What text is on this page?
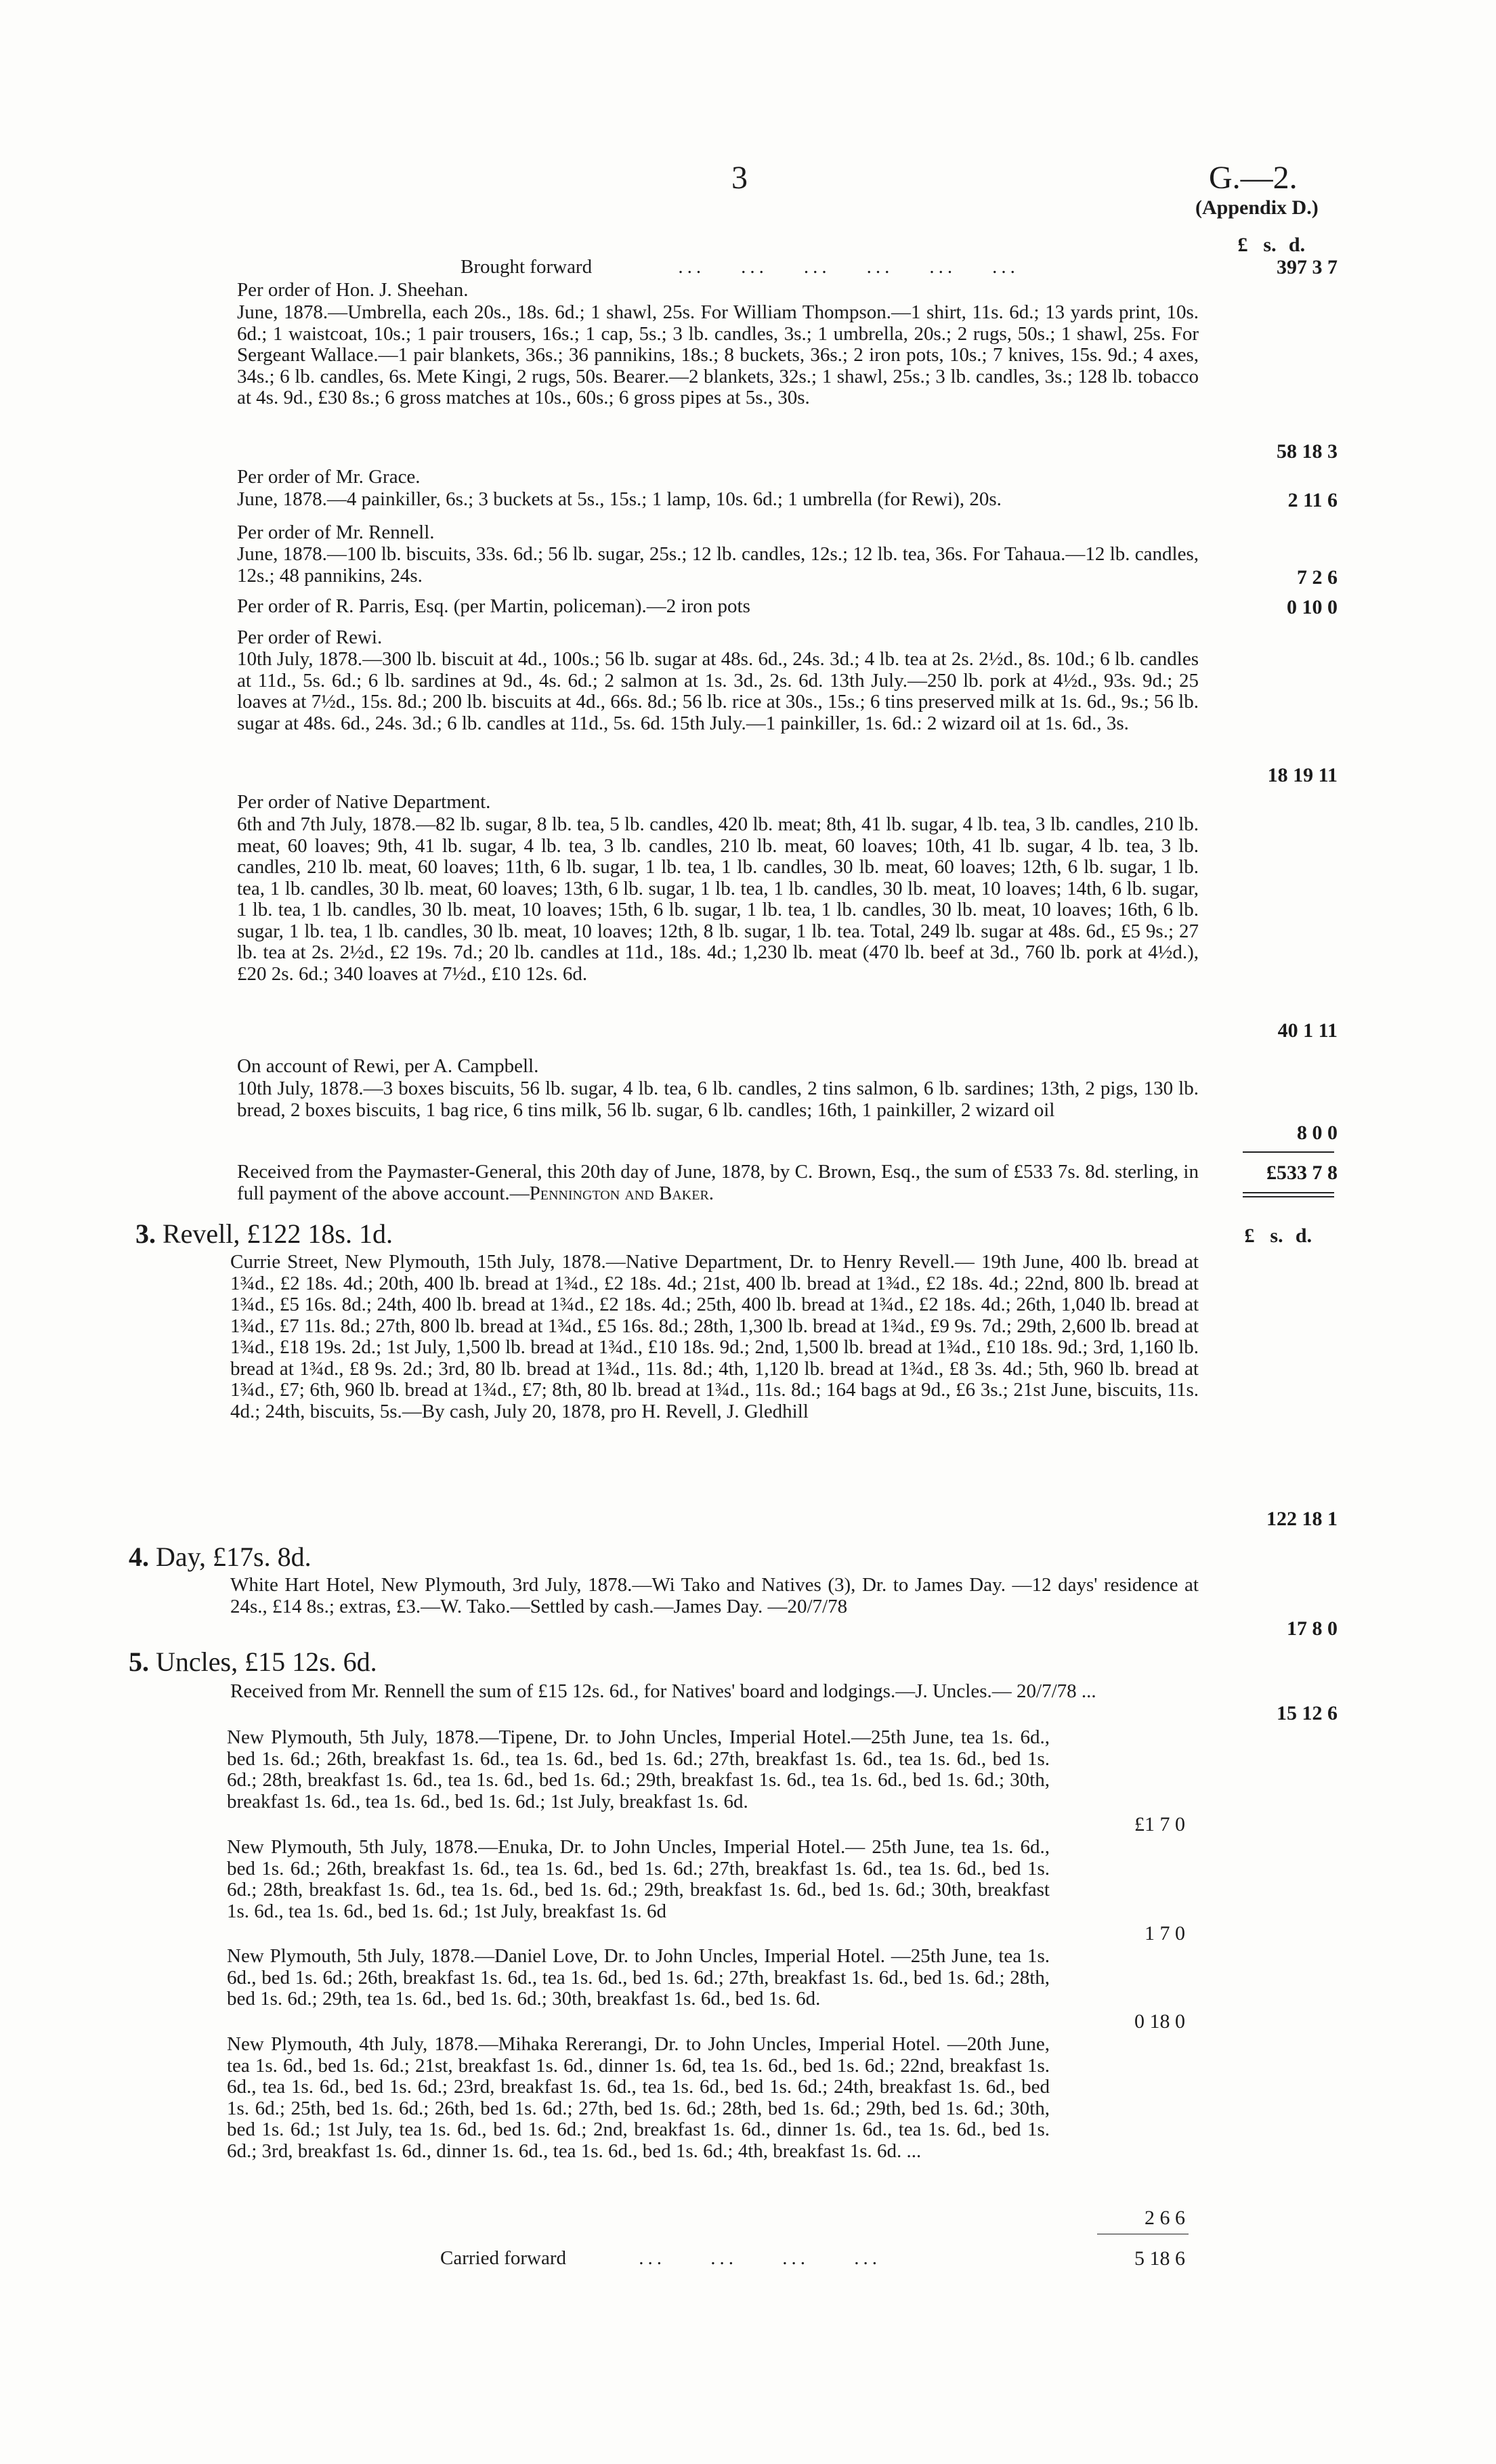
3	G.—2.
(Appendix D.)
£ s. d.
Brought forward	...    ...    ...    ...    ...    ...	397 3 7
Per order of Hon. J. Sheehan.
June, 1878.—Umbrella, each 20s., 18s. 6d.; 1 shawl, 25s. For William Thompson.—1 shirt, 11s. 6d.; 13 yards print, 10s. 6d.; 1 waistcoat, 10s.; 1 pair trousers, 16s.; 1 cap, 5s.; 3 lb. candles, 3s.; 1 umbrella, 20s.; 2 rugs, 50s.; 1 shawl, 25s. For Sergeant Wallace.—1 pair blankets, 36s.; 36 pannikins, 18s.; 8 buckets, 36s.; 2 iron pots, 10s.; 7 knives, 15s. 9d.; 4 axes, 34s.; 6 lb. candles, 6s. Mete Kingi, 2 rugs, 50s. Bearer.—2 blankets, 32s.; 1 shawl, 25s.; 3 lb. candles, 3s.; 128 lb. tobacco at 4s. 9d., £30 8s.; 6 gross matches at 10s., 60s.; 6 gross pipes at 5s., 30s.
58 18 3
Per order of Mr. Grace.
June, 1878.—4 painkiller, 6s.; 3 buckets at 5s., 15s.; 1 lamp, 10s. 6d.; 1 umbrella (for Rewi), 20s.	2 11 6
Per order of Mr. Rennell.
June, 1878.—100 lb. biscuits, 33s. 6d.; 56 lb. sugar, 25s.; 12 lb. candles, 12s.; 12 lb. tea, 36s. For Tahaua.—12 lb. candles, 12s.; 48 pannikins, 24s.	7 2 6
Per order of R. Parris, Esq. (per Martin, policeman).—2 iron pots	0 10 0
Per order of Rewi.
10th July, 1878.—300 lb. biscuit at 4d., 100s.; 56 lb. sugar at 48s. 6d., 24s. 3d.; 4 lb. tea at 2s. 2½d., 8s. 10d.; 6 lb. candles at 11d., 5s. 6d.; 6 lb. sardines at 9d., 4s. 6d.; 2 salmon at 1s. 3d., 2s. 6d. 13th July.—250 lb. pork at 4½d., 93s. 9d.; 25 loaves at 7½d., 15s. 8d.; 200 lb. biscuits at 4d., 66s. 8d.; 56 lb. rice at 30s., 15s.; 6 tins preserved milk at 1s. 6d., 9s.; 56 lb. sugar at 48s. 6d., 24s. 3d.; 6 lb. candles at 11d., 5s. 6d. 15th July.—1 painkiller, 1s. 6d.: 2 wizard oil at 1s. 6d., 3s.
18 19 11
Per order of Native Department.
6th and 7th July, 1878.—82 lb. sugar, 8 lb. tea, 5 lb. candles, 420 lb. meat; 8th, 41 lb. sugar, 4 lb. tea, 3 lb. candles, 210 lb. meat, 60 loaves; 9th, 41 lb. sugar, 4 lb. tea, 3 lb. candles, 210 lb. meat, 60 loaves; 10th, 41 lb. sugar, 4 lb. tea, 3 lb. candles, 210 lb. meat, 60 loaves; 11th, 6 lb. sugar, 1 lb. tea, 1 lb. candles, 30 lb. meat, 60 loaves; 12th, 6 lb. sugar, 1 lb. tea, 1 lb. candles, 30 lb. meat, 60 loaves; 13th, 6 lb. sugar, 1 lb. tea, 1 lb. candles, 30 lb. meat, 10 loaves; 14th, 6 lb. sugar, 1 lb. tea, 1 lb. candles, 30 lb. meat, 10 loaves; 15th, 6 lb. sugar, 1 lb. tea, 1 lb. candles, 30 lb. meat, 10 loaves; 16th, 6 lb. sugar, 1 lb. tea, 1 lb. candles, 30 lb. meat, 10 loaves; 12th, 8 lb. sugar, 1 lb. tea. Total, 249 lb. sugar at 48s. 6d., £5 9s.; 27 lb. tea at 2s. 2½d., £2 19s. 7d.; 20 lb. candles at 11d., 18s. 4d.; 1,230 lb. meat (470 lb. beef at 3d., 760 lb. pork at 4½d.), £20 2s. 6d.; 340 loaves at 7½d., £10 12s. 6d.
40 1 11
On account of Rewi, per A. Campbell.
10th July, 1878.—3 boxes biscuits, 56 lb. sugar, 4 lb. tea, 6 lb. candles, 2 tins salmon, 6 lb. sardines; 13th, 2 pigs, 130 lb. bread, 2 boxes biscuits, 1 bag rice, 6 tins milk, 56 lb. sugar, 6 lb. candles; 16th, 1 painkiller, 2 wizard oil
8 0 0
Received from the Paymaster-General, this 20th day of June, 1878, by C. Brown, Esq., the sum of £533 7s. 8d. sterling, in full payment of the above account.—Pennington and Baker.
£533 7 8
3. Revell, £122 18s. 1d.	£ s. d.
Currie Street, New Plymouth, 15th July, 1878.—Native Department, Dr. to Henry Revell.— 19th June, 400 lb. bread at 1¾d., £2 18s. 4d.; 20th, 400 lb. bread at 1¾d., £2 18s. 4d.; 21st, 400 lb. bread at 1¾d., £2 18s. 4d.; 22nd, 800 lb. bread at 1¾d., £5 16s. 8d.; 24th, 400 lb. bread at 1¾d., £2 18s. 4d.; 25th, 400 lb. bread at 1¾d., £2 18s. 4d.; 26th, 1,040 lb. bread at 1¾d., £7 11s. 8d.; 27th, 800 lb. bread at 1¾d., £5 16s. 8d.; 28th, 1,300 lb. bread at 1¾d., £9 9s. 7d.; 29th, 2,600 lb. bread at 1¾d., £18 19s. 2d.; 1st July, 1,500 lb. bread at 1¾d., £10 18s. 9d.; 2nd, 1,500 lb. bread at 1¾d., £10 18s. 9d.; 3rd, 1,160 lb. bread at 1¾d., £8 9s. 2d.; 3rd, 80 lb. bread at 1¾d., 11s. 8d.; 4th, 1,120 lb. bread at 1¾d., £8 3s. 4d.; 5th, 960 lb. bread at 1¾d., £7; 6th, 960 lb. bread at 1¾d., £7; 8th, 80 lb. bread at 1¾d., 11s. 8d.; 164 bags at 9d., £6 3s.; 21st June, biscuits, 11s. 4d.; 24th, biscuits, 5s.—By cash, July 20, 1878, pro H. Revell, J. Gledhill
122 18 1
4. Day, £17s. 8d.
White Hart Hotel, New Plymouth, 3rd July, 1878.—Wi Tako and Natives (3), Dr. to James Day. —12 days' residence at 24s., £14 8s.; extras, £3.—W. Tako.—Settled by cash.—James Day. —20/7/78
17 8 0
5. Uncles, £15 12s. 6d.
Received from Mr. Rennell the sum of £15 12s. 6d., for Natives' board and lodgings.—J. Uncles.— 20/7/78 ...
15 12 6
New Plymouth, 5th July, 1878.—Tipene, Dr. to John Uncles, Imperial Hotel.—25th June, tea 1s. 6d., bed 1s. 6d.; 26th, breakfast 1s. 6d., tea 1s. 6d., bed 1s. 6d.; 27th, breakfast 1s. 6d., tea 1s. 6d., bed 1s. 6d.; 28th, breakfast 1s. 6d., tea 1s. 6d., bed 1s. 6d.; 29th, breakfast 1s. 6d., tea 1s. 6d., bed 1s. 6d.; 30th, breakfast 1s. 6d., tea 1s. 6d., bed 1s. 6d.; 1st July, breakfast 1s. 6d.
£1 7 0
New Plymouth, 5th July, 1878.—Enuka, Dr. to John Uncles, Imperial Hotel.— 25th June, tea 1s. 6d., bed 1s. 6d.; 26th, breakfast 1s. 6d., tea 1s. 6d., bed 1s. 6d.; 27th, breakfast 1s. 6d., tea 1s. 6d., bed 1s. 6d.; 28th, breakfast 1s. 6d., tea 1s. 6d., bed 1s. 6d.; 29th, breakfast 1s. 6d., bed 1s. 6d.; 30th, breakfast 1s. 6d., tea 1s. 6d., bed 1s. 6d.; 1st July, breakfast 1s. 6d
1 7 0
New Plymouth, 5th July, 1878.—Daniel Love, Dr. to John Uncles, Imperial Hotel. —25th June, tea 1s. 6d., bed 1s. 6d.; 26th, breakfast 1s. 6d., tea 1s. 6d., bed 1s. 6d.; 27th, breakfast 1s. 6d., bed 1s. 6d.; 28th, bed 1s. 6d.; 29th, tea 1s. 6d., bed 1s. 6d.; 30th, breakfast 1s. 6d., bed 1s. 6d.
0 18 0
New Plymouth, 4th July, 1878.—Mihaka Rererangi, Dr. to John Uncles, Imperial Hotel. —20th June, tea 1s. 6d., bed 1s. 6d.; 21st, breakfast 1s. 6d., dinner 1s. 6d, tea 1s. 6d., bed 1s. 6d.; 22nd, breakfast 1s. 6d., tea 1s. 6d., bed 1s. 6d.; 23rd, breakfast 1s. 6d., tea 1s. 6d., bed 1s. 6d.; 24th, breakfast 1s. 6d., bed 1s. 6d.; 25th, bed 1s. 6d.; 26th, bed 1s. 6d.; 27th, bed 1s. 6d.; 28th, bed 1s. 6d.; 29th, bed 1s. 6d.; 30th, bed 1s. 6d.; 1st July, tea 1s. 6d., bed 1s. 6d.; 2nd, breakfast 1s. 6d., dinner 1s. 6d., tea 1s. 6d., bed 1s. 6d.; 3rd, breakfast 1s. 6d., dinner 1s. 6d., tea 1s. 6d., bed 1s. 6d.; 4th, breakfast 1s. 6d. ...
2 6 6
Carried forward	...     ...     ...     ...	5 18 6
